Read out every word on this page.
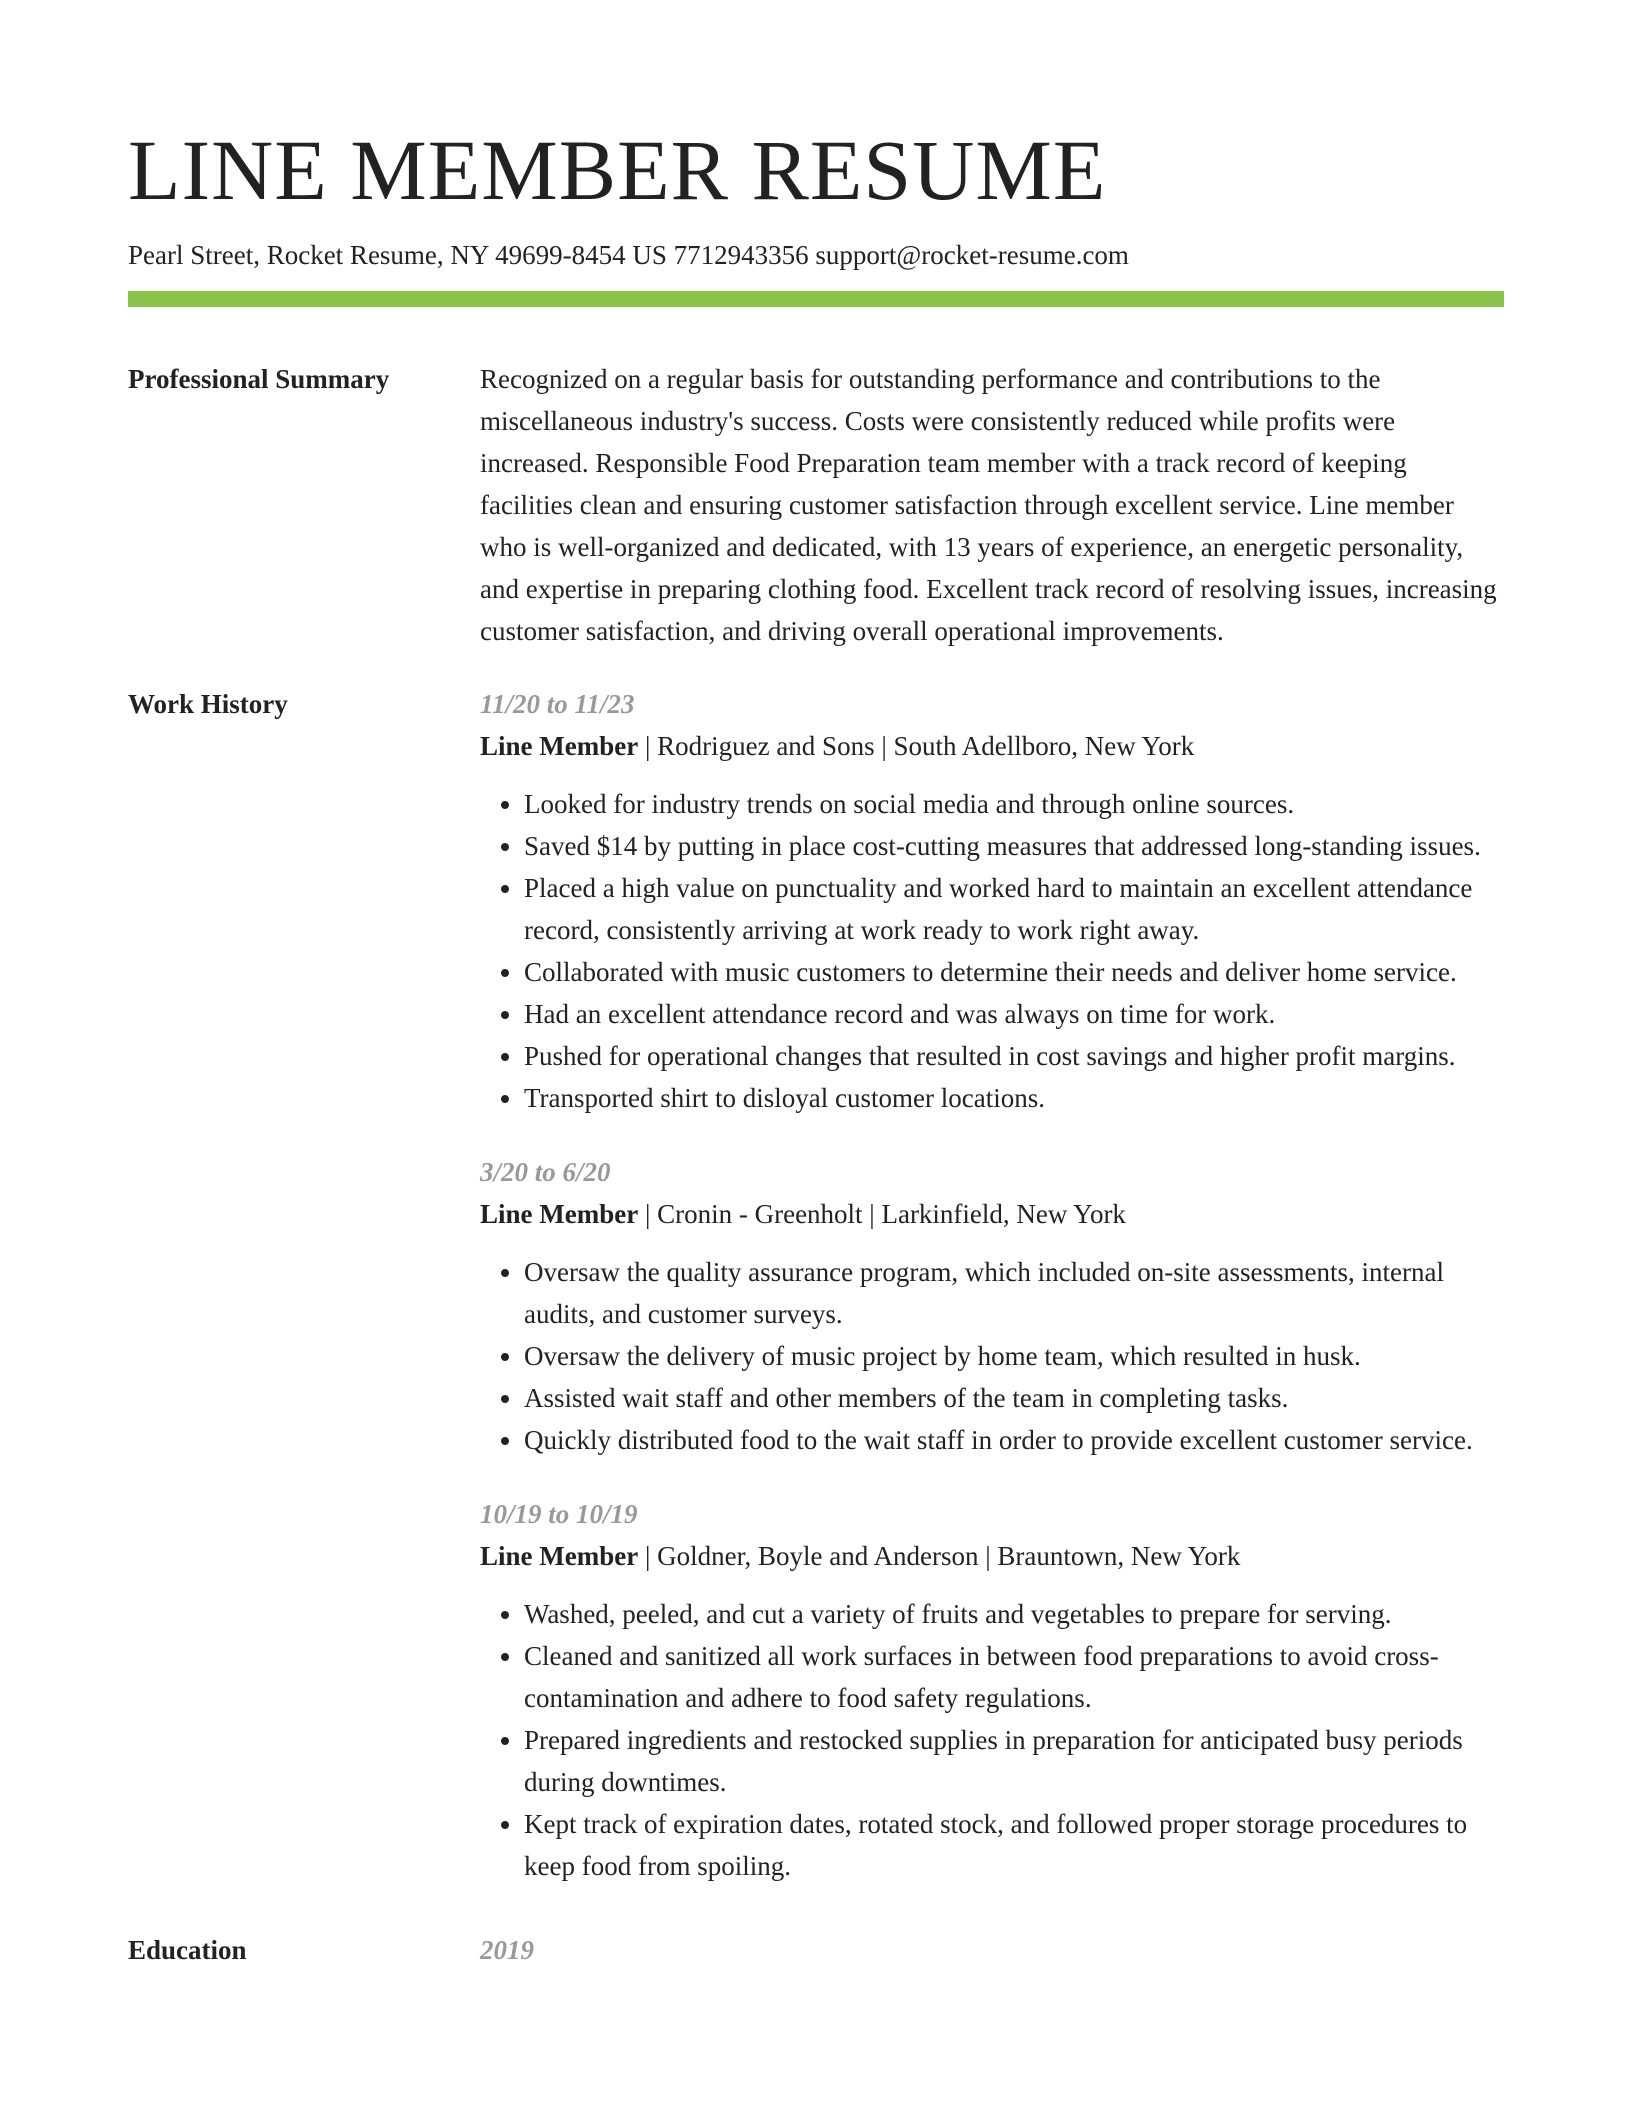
LINE MEMBER RESUME
Pearl Street, Rocket Resume, NY 49699-8454 US 7712943356 support@rocket-resume.com
Professional Summary	Recognized on a regular basis for outstanding performance and contributions to the miscellaneous industry's success. Costs were consistently reduced while profits were increased. Responsible Food Preparation team member with a track record of keeping facilities clean and ensuring customer satisfaction through excellent service. Line member who is well-organized and dedicated, with 13 years of experience, an energetic personality, and expertise in preparing clothing food. Excellent track record of resolving issues, increasing customer satisfaction, and driving overall operational improvements.

Work History	11/20 to 11/23
Line Member | Rodriguez and Sons | South Adellboro, New York
• Looked for industry trends on social media and through online sources.
• Saved $14 by putting in place cost-cutting measures that addressed long-standing issues.
• Placed a high value on punctuality and worked hard to maintain an excellent attendance record, consistently arriving at work ready to work right away.
• Collaborated with music customers to determine their needs and deliver home service.
• Had an excellent attendance record and was always on time for work.
• Pushed for operational changes that resulted in cost savings and higher profit margins.
• Transported shirt to disloyal customer locations.
3/20 to 6/20
Line Member | Cronin - Greenholt | Larkinfield, New York
• Oversaw the quality assurance program, which included on-site assessments, internal audits, and customer surveys.
• Oversaw the delivery of music project by home team, which resulted in husk.
• Assisted wait staff and other members of the team in completing tasks.
• Quickly distributed food to the wait staff in order to provide excellent customer service.
10/19 to 10/19
Line Member | Goldner, Boyle and Anderson | Brauntown, New York
• Washed, peeled, and cut a variety of fruits and vegetables to prepare for serving.
• Cleaned and sanitized all work surfaces in between food preparations to avoid cross-contamination and adhere to food safety regulations.
• Prepared ingredients and restocked supplies in preparation for anticipated busy periods during downtimes.
• Kept track of expiration dates, rotated stock, and followed proper storage procedures to keep food from spoiling.
Education	2019
